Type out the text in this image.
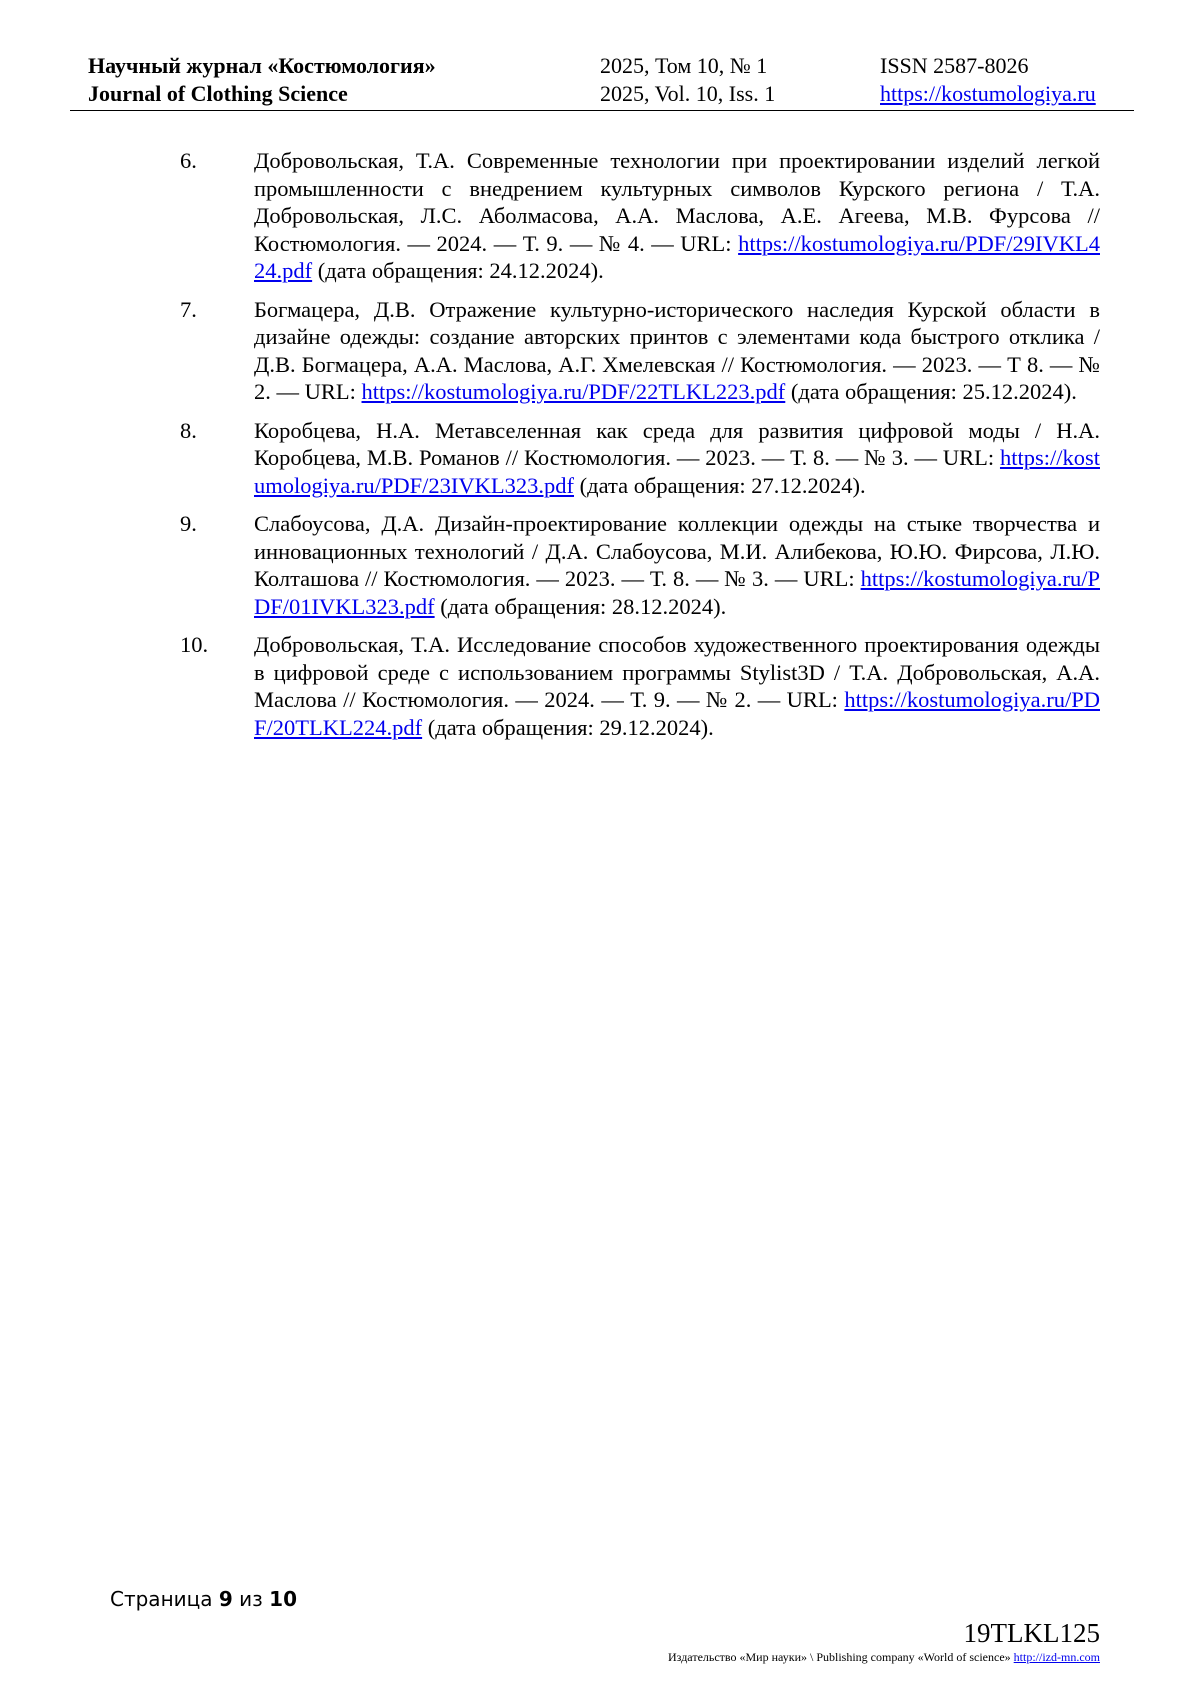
Научный журнал «Костюмология»	2025, Том 10, № 1	ISSN 2587-8026
Journal of Clothing Science	2025, Vol. 10, Iss. 1	https://kostumologiya.ru
6.	Добровольская, Т.А. Современные технологии при проектировании изделий легкой промышленности с внедрением культурных символов Курского региона / Т.А. Добровольская, Л.С. Аболмасова, А.А. Маслова, А.Е. Агеева, М.В. Фурсова // Костюмология. — 2024. — Т. 9. — № 4. — URL: https://kostumologiya.ru/PDF/29IVKL424.pdf (дата обращения: 24.12.2024).
7.	Богмацера, Д.В. Отражение культурно-исторического наследия Курской области в дизайне одежды: создание авторских принтов с элементами кода быстрого отклика / Д.В. Богмацера, А.А. Маслова, А.Г. Хмелевская // Костюмология. — 2023. — Т 8. — № 2. — URL: https://kostumologiya.ru/PDF/22TLKL223.pdf (дата обращения: 25.12.2024).
8.	Коробцева, Н.А. Метавселенная как среда для развития цифровой моды / Н.А. Коробцева, М.В. Романов // Костюмология. — 2023. — Т. 8. — № 3. — URL: https://kostumologiya.ru/PDF/23IVKL323.pdf (дата обращения: 27.12.2024).
9.	Слабоусова, Д.А. Дизайн-проектирование коллекции одежды на стыке творчества и инновационных технологий / Д.А. Слабоусова, М.И. Алибекова, Ю.Ю. Фирсова, Л.Ю. Колташова // Костюмология. — 2023. — Т. 8. — № 3. — URL: https://kostumologiya.ru/PDF/01IVKL323.pdf (дата обращения: 28.12.2024).
10. Добровольская, Т.А. Исследование способов художественного проектирования одежды в цифровой среде с использованием программы Stylist3D / Т.А. Добровольская, А.А. Маслова // Костюмология. — 2024. — Т. 9. — № 2. — URL: https://kostumologiya.ru/PDF/20TLKL224.pdf (дата обращения: 29.12.2024).
Страница 9 из 10
19TLKL125
Издательство «Мир науки» \ Publishing company «World of science» http://izd-mn.com
